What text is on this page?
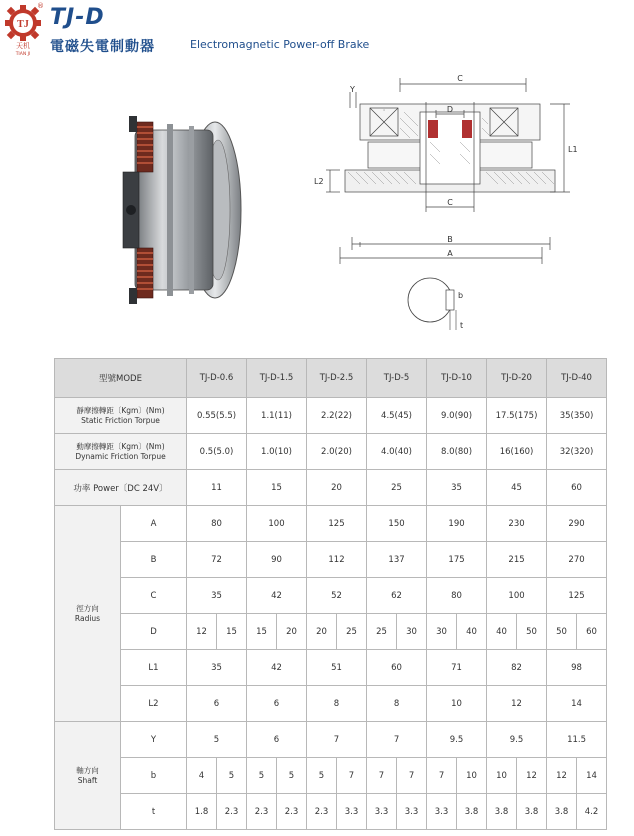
TJ
天机
TIAN JI
® TJ-D
電磁失電制動器	Electromagnetic Power-off Brake
Y
C
D
L1
L2
C
B
A
b
t
型號MODE		TJ-D-0.6		TJ-D-1.5		TJ-D-2.5		TJ-D-5		TJ-D-10		TJ-D-20		TJ-D-40	

靜摩擦轉距〔Kgm〕(Nm)
Static Friction Torpue		0.55(5.5)		1.1(11)		2.2(22)		4.5(45)		9.0(90)		17.5(175)		35(350)	

動摩擦轉距〔Kgm〕(Nm)
Dynamic Friction Torpue		0.5(5.0)		1.0(10)		2.0(20)		4.0(40)		8.0(80)		16(160)		32(320)	
功率 Power〔DC 24V〕		11		15		20		25		35		45		60	

徑方向
Radius	A	80		100		125		150		190		230		290	
	B	72		90		112		137		175		215		270	
	C	35		42		52		62		80		100		125	
	D	12	15	15	20	20	25	25	30	30	40	40	50	50	60
	L1	35		42		51		60		71		82		98	
	L2	6		6		8		8		10		12		14	

軸方向
Shaft	Y	5		6		7		7		9.5		9.5		11.5	
	b	4	5	5	5	5	7	7	7	7	10	10	12	12	14
	t	1.8	2.3	2.3	2.3	2.3	3.3	3.3	3.3	3.3	3.8	3.8	3.8	3.8	4.2
